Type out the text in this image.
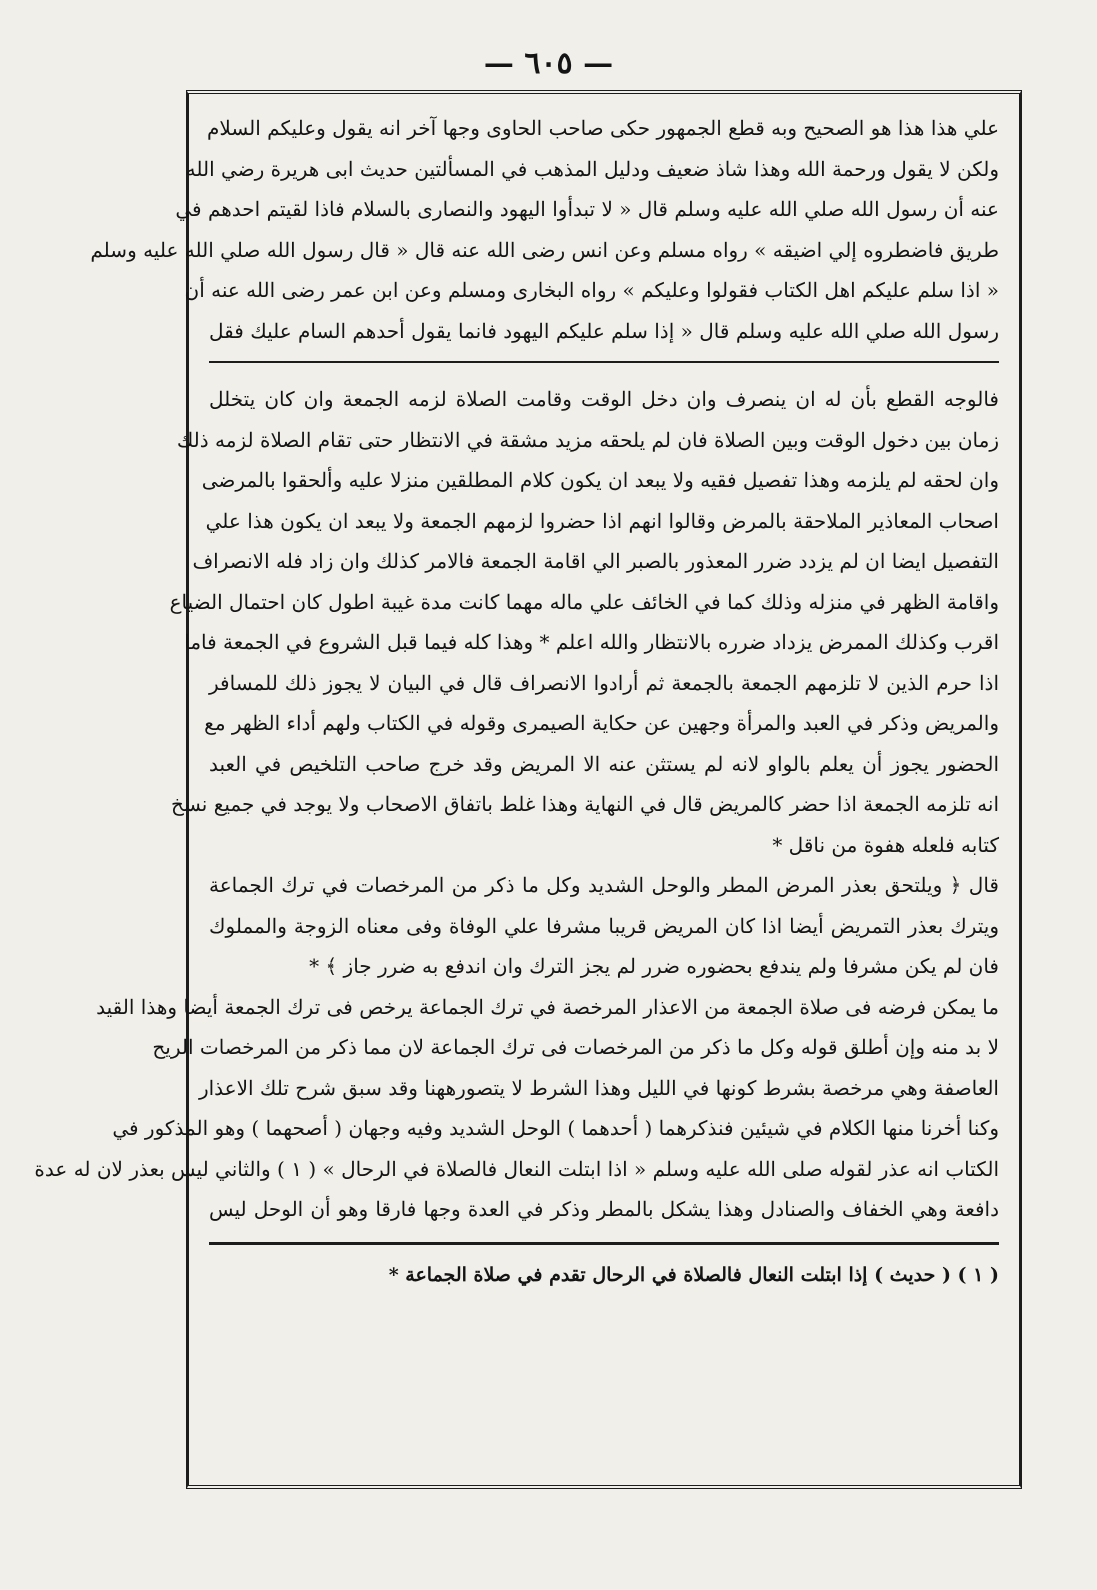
— ٦٠٥ —
علي هذا هذا هو الصحيح وبه قطع الجمهور حكى صاحب الحاوى وجها آخر انه يقول وعليكم السلام
ولكن لا يقول ورحمة الله وهذا شاذ ضعيف ودليل المذهب في المسألتين حديث ابى هريرة رضي الله
عنه أن رسول الله صلي الله عليه وسلم قال « لا تبدأوا اليهود والنصارى بالسلام فاذا لقيتم احدهم في
طريق فاضطروه إلي اضيقه » رواه مسلم وعن انس رضى الله عنه قال « قال رسول الله صلي الله عليه وسلم
« اذا سلم عليكم اهل الكتاب فقولوا وعليكم » رواه البخارى ومسلم وعن ابن عمر رضى الله عنه أن
رسول الله صلي الله عليه وسلم قال « إذا سلم عليكم اليهود فانما يقول أحدهم السام عليك فقل
فالوجه القطع بأن له ان ينصرف وان دخل الوقت وقامت الصلاة لزمه الجمعة وان كان يتخلل
زمان بين دخول الوقت وبين الصلاة فان لم يلحقه مزيد مشقة في الانتظار حتى تقام الصلاة لزمه ذلك
وان لحقه لم يلزمه وهذا تفصيل فقيه ولا يبعد ان يكون كلام المطلقين منزلا عليه وألحقوا بالمرضى
اصحاب المعاذير الملاحقة بالمرض وقالوا انهم اذا حضروا لزمهم الجمعة ولا يبعد ان يكون هذا علي
التفصيل ايضا ان لم يزدد ضرر المعذور بالصبر الي اقامة الجمعة فالامر كذلك وان زاد فله الانصراف
واقامة الظهر في منزله وذلك كما في الخائف علي ماله مهما كانت مدة غيبة اطول كان احتمال الضياع
اقرب وكذلك الممرض يزداد ضرره بالانتظار والله اعلم * وهذا كله فيما قبل الشروع في الجمعة فاما
اذا حرم الذين لا تلزمهم الجمعة بالجمعة ثم أرادوا الانصراف قال في البيان لا يجوز ذلك للمسافر
والمريض وذكر في العبد والمرأة وجهين عن حكاية الصيمرى وقوله في الكتاب ولهم أداء الظهر مع
الحضور يجوز أن يعلم بالواو لانه لم يستثن عنه الا المريض وقد خرج صاحب التلخيص في العبد
انه تلزمه الجمعة اذا حضر كالمريض قال في النهاية وهذا غلط باتفاق الاصحاب ولا يوجد في جميع نسخ
كتابه فلعله هفوة من ناقل *
قال ﴿ ويلتحق بعذر المرض المطر والوحل الشديد وكل ما ذكر من المرخصات في ترك الجماعة
ويترك بعذر التمريض أيضا اذا كان المريض قريبا مشرفا علي الوفاة وفى معناه الزوجة والمملوك
فان لم يكن مشرفا ولم يندفع بحضوره ضرر لم يجز الترك وان اندفع به ضرر جاز ﴾ *
ما يمكن فرضه فى صلاة الجمعة من الاعذار المرخصة في ترك الجماعة يرخص فى ترك الجمعة أيضا وهذا القيد
لا بد منه وإن أطلق قوله وكل ما ذكر من المرخصات فى ترك الجماعة لان مما ذكر من المرخصات الريح
العاصفة وهي مرخصة بشرط كونها في الليل وهذا الشرط لا يتصورههنا وقد سبق شرح تلك الاعذار
وكنا أخرنا منها الكلام في شيئين فنذكرهما ( أحدهما ) الوحل الشديد وفيه وجهان ( أصحهما ) وهو المذكور في
الكتاب انه عذر لقوله صلى الله عليه وسلم « اذا ابتلت النعال فالصلاة في الرحال » ( ١ ) والثاني ليس بعذر لان له عدة
دافعة وهي الخفاف والصنادل وهذا يشكل بالمطر وذكر في العدة وجها فارقا وهو أن الوحل ليس
( ١ ) ( حديث ) إذا ابتلت النعال فالصلاة في الرحال تقدم في صلاة الجماعة *
